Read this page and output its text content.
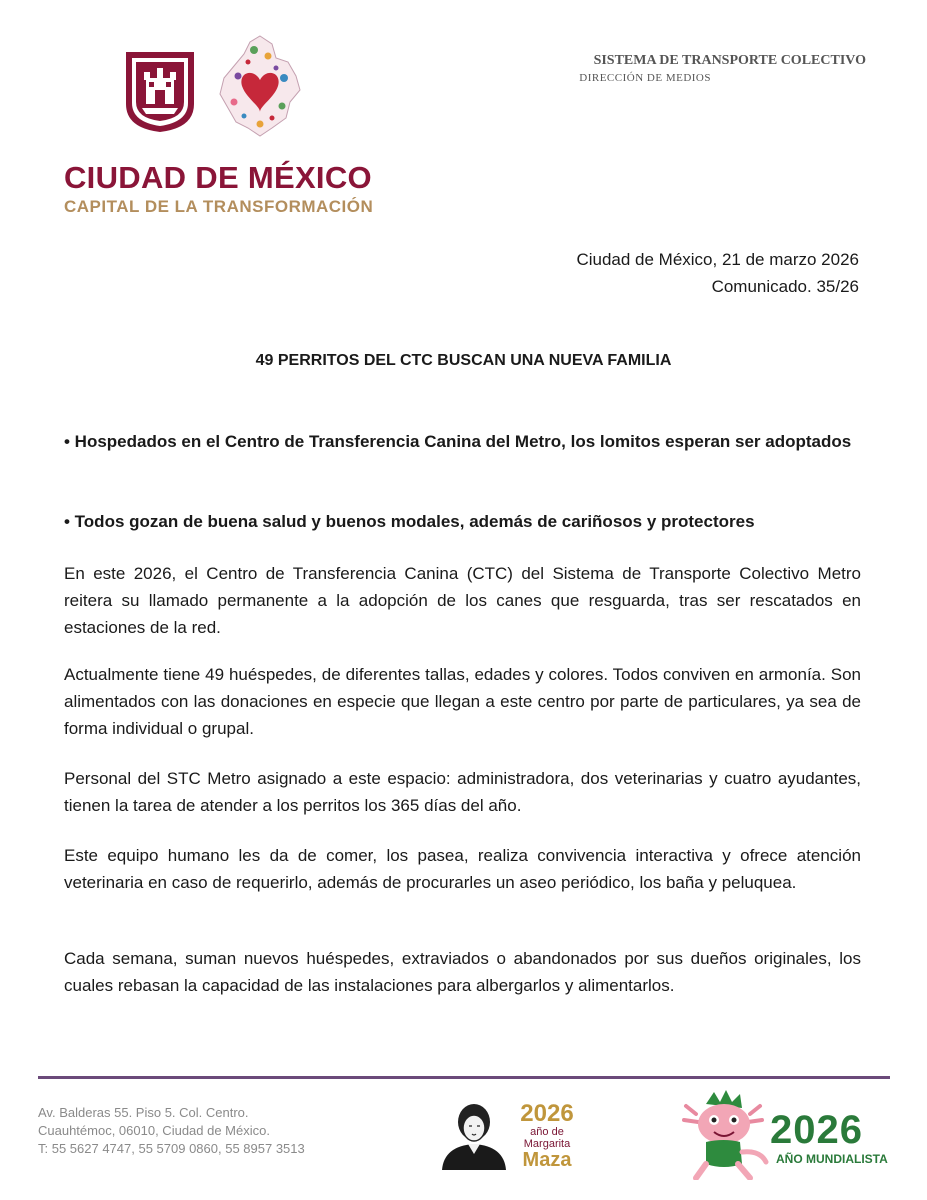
CIUDAD DE MÉXICO
CAPITAL DE LA TRANSFORMACIÓN
SISTEMA DE TRANSPORTE COLECTIVO
DIRECCIÓN DE MEDIOS
Ciudad de México, 21 de marzo 2026
Comunicado. 35/26
49 PERRITOS DEL CTC BUSCAN UNA NUEVA FAMILIA
• Hospedados en el Centro de Transferencia Canina del Metro, los lomitos esperan ser adoptados
• Todos gozan de buena salud y buenos modales, además de cariñosos y protectores
En este 2026, el Centro de Transferencia Canina (CTC) del Sistema de Transporte Colectivo Metro reitera su llamado permanente a la adopción de los canes que resguarda, tras ser rescatados en estaciones de la red.
Actualmente tiene 49 huéspedes, de diferentes tallas, edades y colores. Todos conviven en armonía. Son alimentados con las donaciones en especie que llegan a este centro por parte de particulares, ya sea de forma individual o grupal.
Personal del STC Metro asignado a este espacio: administradora, dos veterinarias y cuatro ayudantes, tienen la tarea de atender a los perritos los 365 días del año.
Este equipo humano les da de comer, los pasea, realiza convivencia interactiva y ofrece atención veterinaria en caso de requerirlo, además de procurarles un aseo periódico, los baña y peluquea.
Cada semana, suman nuevos huéspedes, extraviados o abandonados por sus dueños originales, los cuales rebasan la capacidad de las instalaciones para albergarlos y alimentarlos.
Av. Balderas 55. Piso 5. Col. Centro.
Cuauhtémoc, 06010, Ciudad de México.
T: 55 5627 4747, 55 5709 0860, 55 8957 3513
2026
año de
Margarita
Maza
2026
AÑO MUNDIALISTA
